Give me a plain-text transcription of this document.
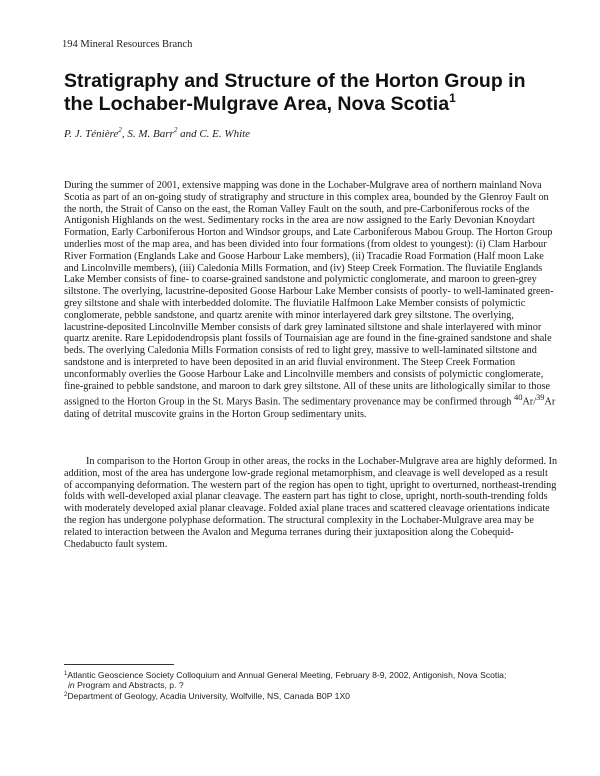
194 Mineral Resources Branch
Stratigraphy and Structure of the Horton Group in the Lochaber-Mulgrave Area, Nova Scotia$^1$
P. J. Ténière$^2$, S. M. Barr$^2$ and C. E. White

During the summer of 2001, extensive mapping was done in the Lochaber-Mulgrave area of northern mainland Nova Scotia as part of an on-going study of stratigraphy and structure in this complex area, bounded by the Glenroy Fault on the north, the Strait of Canso on the east, the Roman Valley Fault on the south, and pre-Carboniferous rocks of the Antigonish Highlands on the west. Sedimentary rocks in the area are now assigned to the Early Devonian Knoydart Formation, Early Carboniferous Horton and Windsor groups, and Late Carboniferous Mabou Group. The Horton Group underlies most of the map area, and has been divided into four formations (from oldest to youngest): (i) Clam Harbour River Formation (Englands Lake and Goose Harbour Lake members), (ii) Tracadie Road Formation (Half moon Lake and Lincolnville members), (iii) Caledonia Mills Formation, and (iv) Steep Creek Formation. The fluviatile Englands Lake Member consists of fine- to coarse-grained sandstone and polymictic conglomerate, and maroon to green-grey siltstone. The overlying, lacustrine-deposited Goose Harbour Lake Member consists of poorly- to well-laminated green-grey siltstone and shale with interbedded dolomite. The fluviatile Halfmoon Lake Member consists of polymictic conglomerate, pebble sandstone, and quartz arenite with minor interlayered dark grey siltstone. The overlying, lacustrine-deposited Lincolnville Member consists of dark grey laminated siltstone and shale interlayered with minor quartz arenite. Rare Lepidodendropsis plant fossils of Tournaisian age are found in the fine-grained sandstone and shale beds. The overlying Caledonia Mills Formation consists of red to light grey, massive to well-laminated siltstone and sandstone and is interpreted to have been deposited in an arid fluvial environment. The Steep Creek Formation unconformably overlies the Goose Harbour Lake and Lincolnville members and consists of polymictic conglomerate, fine-grained to pebble sandstone, and maroon to dark grey siltstone. All of these units are lithologically similar to those assigned to the Horton Group in the St. Marys Basin. The sedimentary provenance may be confirmed through $^{40}$Ar/$^{39}$Ar dating of detrital muscovite grains in the Horton Group sedimentary units.

In comparison to the Horton Group in other areas, the rocks in the Lochaber-Mulgrave area are highly deformed. In addition, most of the area has undergone low-grade regional metamorphism, and cleavage is well developed as a result of accompanying deformation. The western part of the region has open to tight, upright to overturned, northeast-trending folds with well-developed axial planar cleavage. The eastern part has tight to close, upright, north-south-trending folds with moderately developed axial planar cleavage. Folded axial plane traces and scattered cleavage orientations indicate the region has undergone polyphase deformation. The structural complexity in the Lochaber-Mulgrave area may be related to interaction between the Avalon and Meguma terranes during their juxtaposition along the Cobequid-Chedabucto fault system.

$^1$Atlantic Geoscience Society Colloquium and Annual General Meeting, February 8-9, 2002, Antigonish, Nova Scotia;
in Program and Abstracts, p. ?

$^2$Department of Geology, Acadia University, Wolfville, NS, Canada B0P 1X0
